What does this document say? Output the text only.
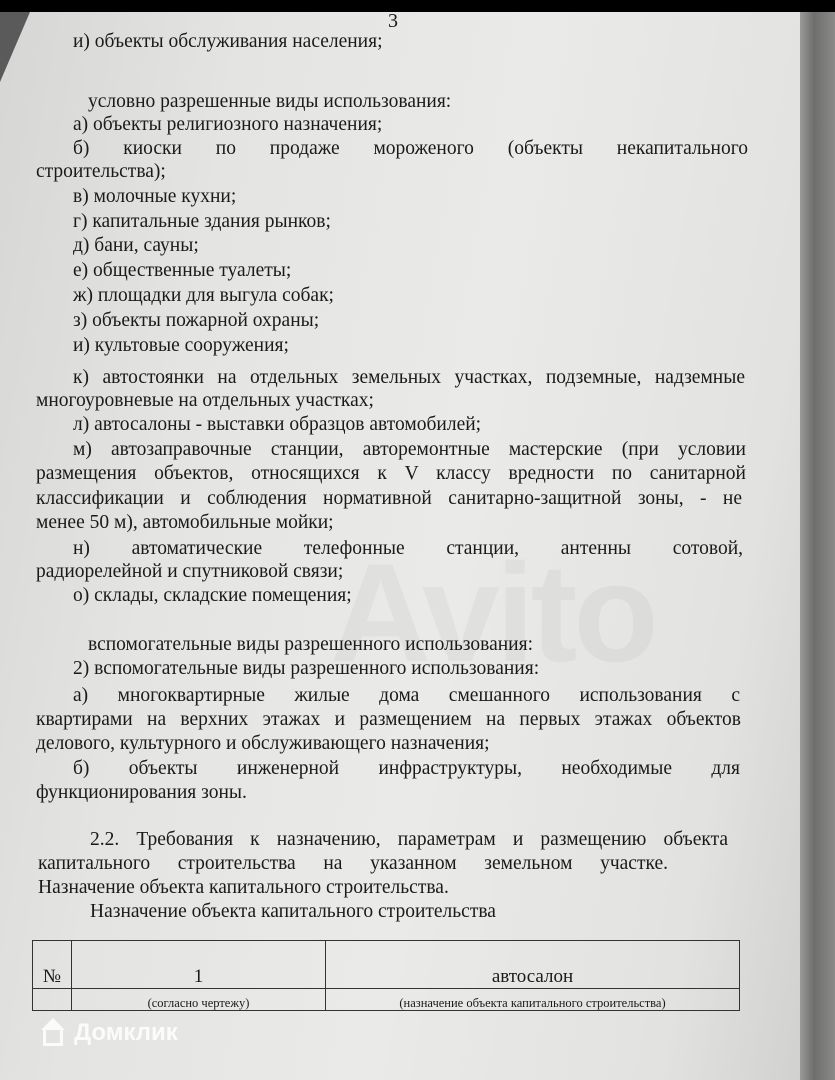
3
и) объекты обслуживания населения;
условно разрешенные виды использования:
а) объекты религиозного назначения;
б) киоски по продаже мороженого (объекты некапитального
строительства);
в) молочные кухни;
г) капитальные здания рынков;
д) бани, сауны;
е) общественные туалеты;
ж) площадки для выгула собак;
з) объекты пожарной охраны;
и) культовые сооружения;
к) автостоянки на отдельных земельных участках, подземные, надземные
многоуровневые на отдельных участках;
л) автосалоны - выставки образцов автомобилей;
м) автозаправочные станции, авторемонтные мастерские (при условии
размещения объектов, относящихся к V классу вредности по санитарной
классификации и соблюдения нормативной санитарно-защитной зоны, - не
менее 50 м), автомобильные мойки;
н) автоматические телефонные станции, антенны сотовой,
радиорелейной и спутниковой связи;
о) склады, складские помещения;
вспомогательные виды разрешенного использования:
2) вспомогательные виды разрешенного использования:
а) многоквартирные жилые дома смешанного использования с
квартирами на верхних этажах и размещением на первых этажах объектов
делового, культурного и обслуживающего назначения;
б) объекты инженерной инфраструктуры, необходимые для
функционирования зоны.
2.2. Требования к назначению, параметрам и размещению объекта
капитального строительства на указанном земельном участке.
Назначение объекта капитального строительства.
Назначение объекта капитального строительства
№	1	автосалон
	(согласно чертежу)	(назначение объекта капитального строительства)
Домклик
